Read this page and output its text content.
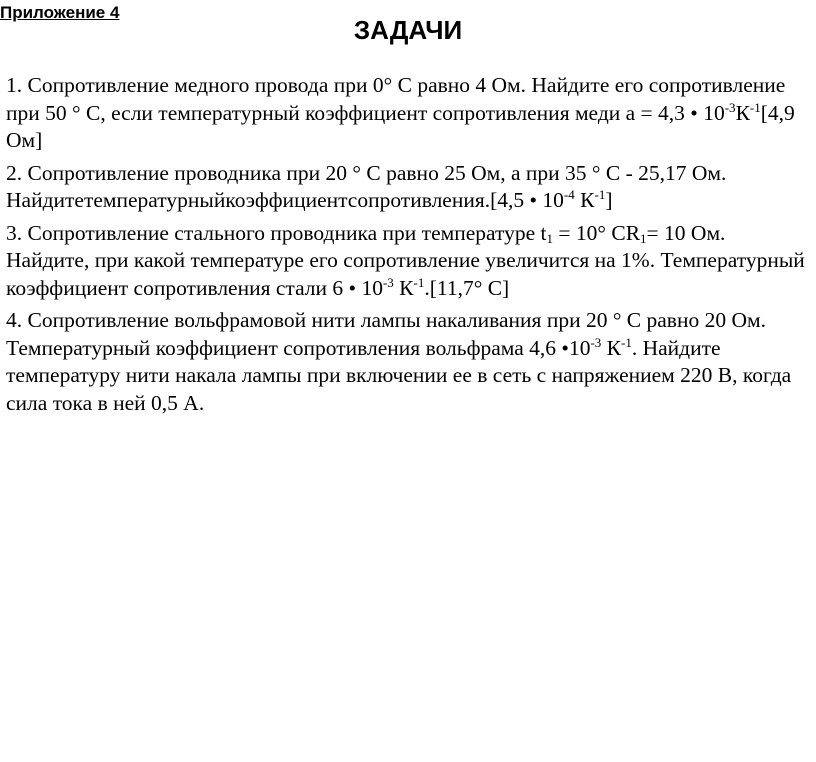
Приложение 4
ЗАДАЧИ
1. Сопротивление медного провода при 0° С равно 4 Ом. Найдите его сопротивление при 50 ° С, если температурный коэффициент сопротивления меди а = 4,3 • $10^{-3}К^{-1}[4,9$ Ом]
2. Сопротивление проводника при 20 ° С равно 25 Ом, а при 35 ° С - 25,17 Ом. Найдитетемпературныйкоэффициентсопротивления.[4,5 • $10^{-4}$ $К^{-1}$]
3. Сопротивление стального проводника при температуре $t_1 = 10^\circ$ $CR_1= 10$ Ом. Найдите, при какой температуре его сопротивление увеличится на 1%. Температурный коэффициент сопротивления стали 6 • $10^{-3}$ $К^{-1}.[11,7^\circ$ С]
4. Сопротивление вольфрамовой нити лампы накаливания при 20 ° С равно 20 Ом. Температурный коэффициент сопротивления вольфрама 4,6 $•10^{-3}$ $К^{-1}$. Найдите температуру нити накала лампы при включении ее в сеть с напряжением 220 В, когда сила тока в ней 0,5 А.
